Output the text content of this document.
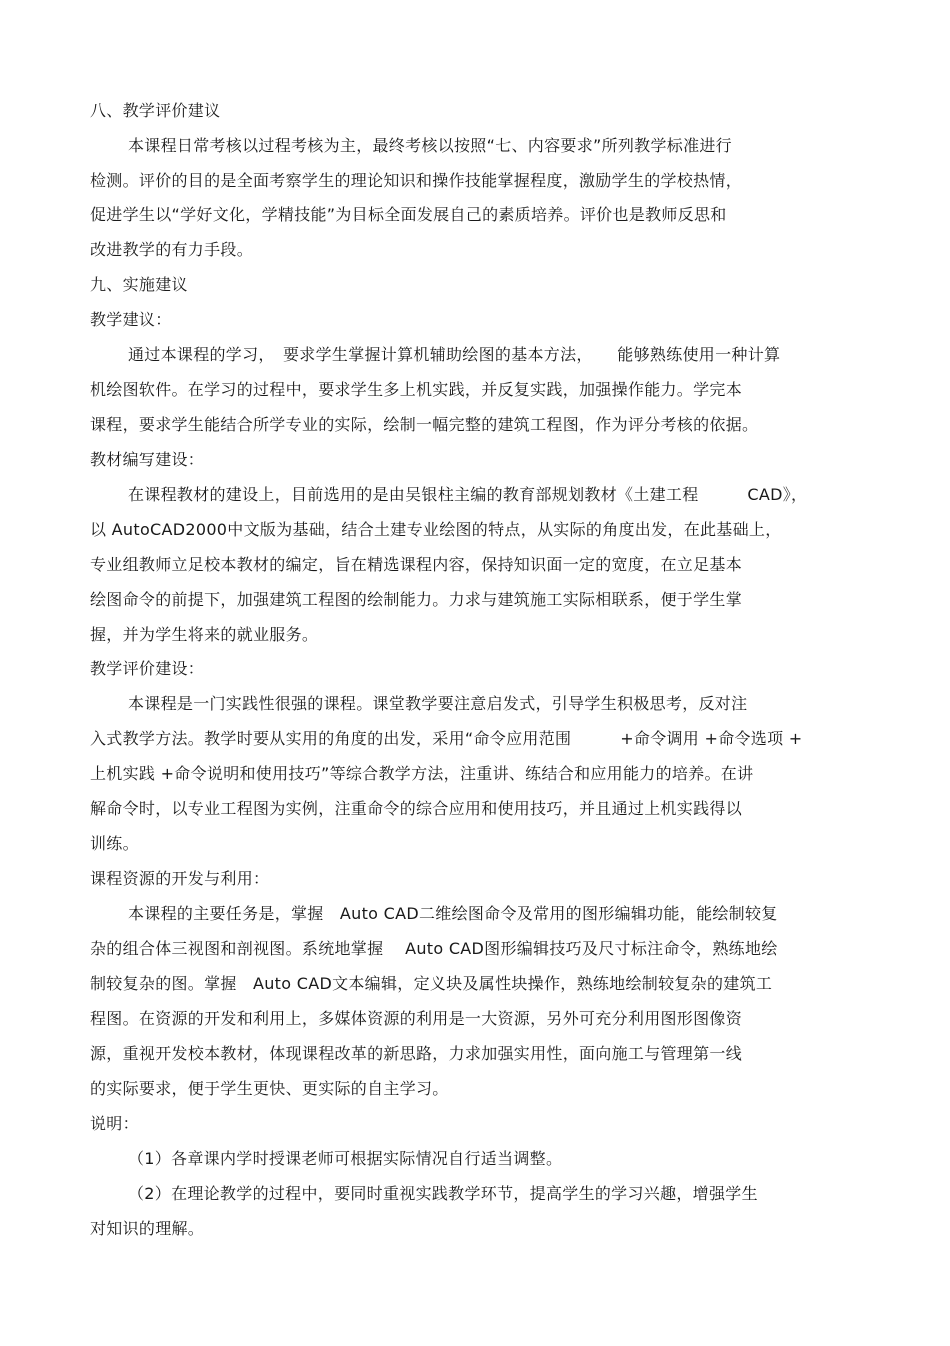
八、教学评价建议
本课程日常考核以过程考核为主，最终考核以按照“七、内容要求”所列教学标准进行
检测。评价的目的是全面考察学生的理论知识和操作技能掌握程度，激励学生的学校热情，
促进学生以“学好文化，学精技能”为目标全面发展自己的素质培养。评价也是教师反思和
改进教学的有力手段。
九、实施建议
教学建议：
通过本课程的学习，　要求学生掌握计算机辅助绘图的基本方法，　　能够熟练使用一种计算
机绘图软件。在学习的过程中，要求学生多上机实践，并反复实践，加强操作能力。学完本
课程，要求学生能结合所学专业的实际，绘制一幅完整的建筑工程图，作为评分考核的依据。
教材编写建设：
在课程教材的建设上，目前选用的是由吴银柱主编的教育部规划教材《土建工程　　　CAD》，
以 AutoCAD2000中文版为基础，结合土建专业绘图的特点，从实际的角度出发，在此基础上，
专业组教师立足校本教材的编定，旨在精选课程内容，保持知识面一定的宽度，在立足基本
绘图命令的前提下，加强建筑工程图的绘制能力。力求与建筑施工实际相联系，便于学生掌
握，并为学生将来的就业服务。
教学评价建设：
本课程是一门实践性很强的课程。课堂教学要注意启发式，引导学生积极思考，反对注
入式教学方法。教学时要从实用的角度的出发，采用“命令应用范围　　　+命令调用 +命令选项 +
上机实践 +命令说明和使用技巧”等综合教学方法，注重讲、练结合和应用能力的培养。在讲
解命令时，以专业工程图为实例，注重命令的综合应用和使用技巧，并且通过上机实践得以
训练。
课程资源的开发与利用：
本课程的主要任务是，掌握　Auto CAD二维绘图命令及常用的图形编辑功能，能绘制较复
杂的组合体三视图和剖视图。系统地掌握　 Auto CAD图形编辑技巧及尺寸标注命令，熟练地绘
制较复杂的图。掌握　Auto CAD文本编辑，定义块及属性块操作，熟练地绘制较复杂的建筑工
程图。在资源的开发和利用上，多媒体资源的利用是一大资源，另外可充分利用图形图像资
源，重视开发校本教材，体现课程改革的新思路，力求加强实用性，面向施工与管理第一线
的实际要求，便于学生更快、更实际的自主学习。
说明：
（1）各章课内学时授课老师可根据实际情况自行适当调整。
（2）在理论教学的过程中，要同时重视实践教学环节，提高学生的学习兴趣，增强学生
对知识的理解。
